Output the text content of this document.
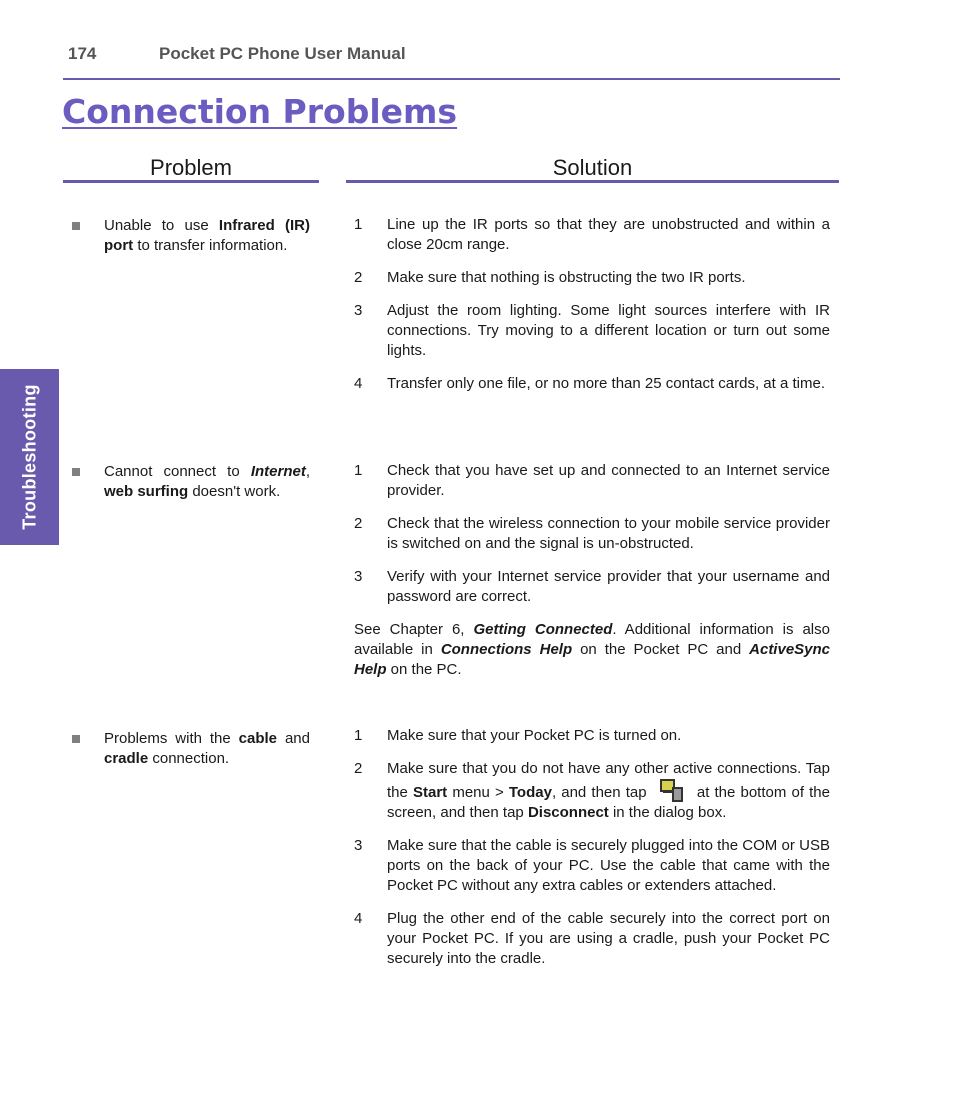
174	Pocket PC Phone User Manual
Connection Problems
Problem	Solution
Troubleshooting
Unable to use Infrared (IR) port to transfer information.
1 Line up the IR ports so that they are unobstructed and within a close 20cm range.
2 Make sure that nothing is obstructing the two IR ports.
3 Adjust the room lighting. Some light sources interfere with IR connections. Try moving to a different location or turn out some lights.
4 Transfer only one file, or no more than 25 contact cards, at a time.
Cannot connect to Internet, web surfing doesn't work.
1 Check that you have set up and connected to an Internet service provider.
2 Check that the wireless connection to your mobile service provider is switched on and the signal is un-obstructed.
3 Verify with your Internet service provider that your username and password are correct.
See Chapter 6, Getting Connected. Additional information is also available in Connections Help on the Pocket PC and ActiveSync Help on the PC.
Problems with the cable and cradle connection.
1 Make sure that your Pocket PC is turned on.
2 Make sure that you do not have any other active connections. Tap the Start menu > Today, and then tap	at the bottom of the screen, and then tap Disconnect in the dialog box.
3 Make sure that the cable is securely plugged into the COM or USB ports on the back of your PC. Use the cable that came with the Pocket PC without any extra cables or extenders attached.
4 Plug the other end of the cable securely into the correct port on your Pocket PC. If you are using a cradle, push your Pocket PC securely into the cradle.
